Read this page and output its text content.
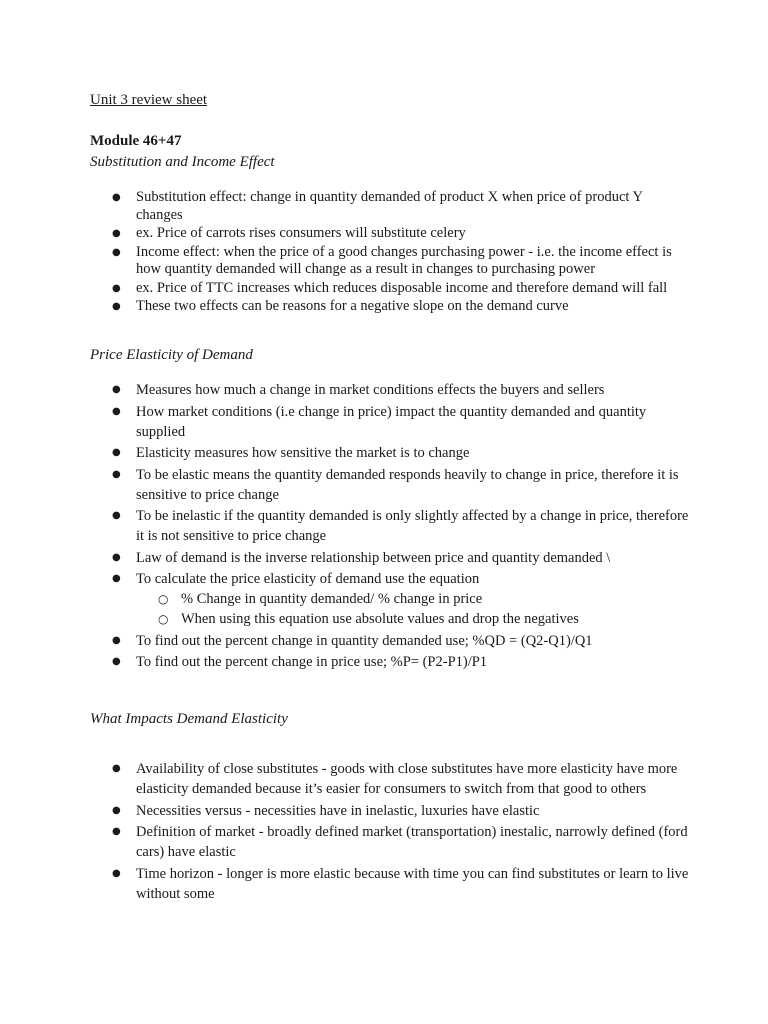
Unit 3 review sheet

Module 46+47

Substitution and Income Effect

● Substitution effect: change in quantity demanded of product X when price of product Y changes
● ex. Price of carrots rises consumers will substitute celery
● Income effect: when the price of a good changes purchasing power - i.e. the income effect is how quantity demanded will change as a result in changes to purchasing power
● ex. Price of TTC increases which reduces disposable income and therefore demand will fall
● These two effects can be reasons for a negative slope on the demand curve

Price Elasticity of Demand

● Measures how much a change in market conditions effects the buyers and sellers
● How market conditions (i.e change in price) impact the quantity demanded and quantity supplied
● Elasticity measures how sensitive the market is to change
● To be elastic means the quantity demanded responds heavily to change in price, therefore it is sensitive to price change
● To be inelastic if the quantity demanded is only slightly affected by a change in price, therefore it is not sensitive to price change
● Law of demand is the inverse relationship between price and quantity demanded \
● To calculate the price elasticity of demand use the equation
○ % Change in quantity demanded/ % change in price
○ When using this equation use absolute values and drop the negatives
● To find out the percent change in quantity demanded use; %QD = (Q2-Q1)/Q1
● To find out the percent change in price use; %P= (P2-P1)/P1

What Impacts Demand Elasticity

● Availability of close substitutes - goods with close substitutes have more elasticity have more elasticity demanded because it’s easier for consumers to switch from that good to others
● Necessities versus - necessities have in inelastic, luxuries have elastic
● Definition of market - broadly defined market (transportation) inestalic, narrowly defined (ford cars) have elastic
● Time horizon - longer is more elastic because with time you can find substitutes or learn to live without some
